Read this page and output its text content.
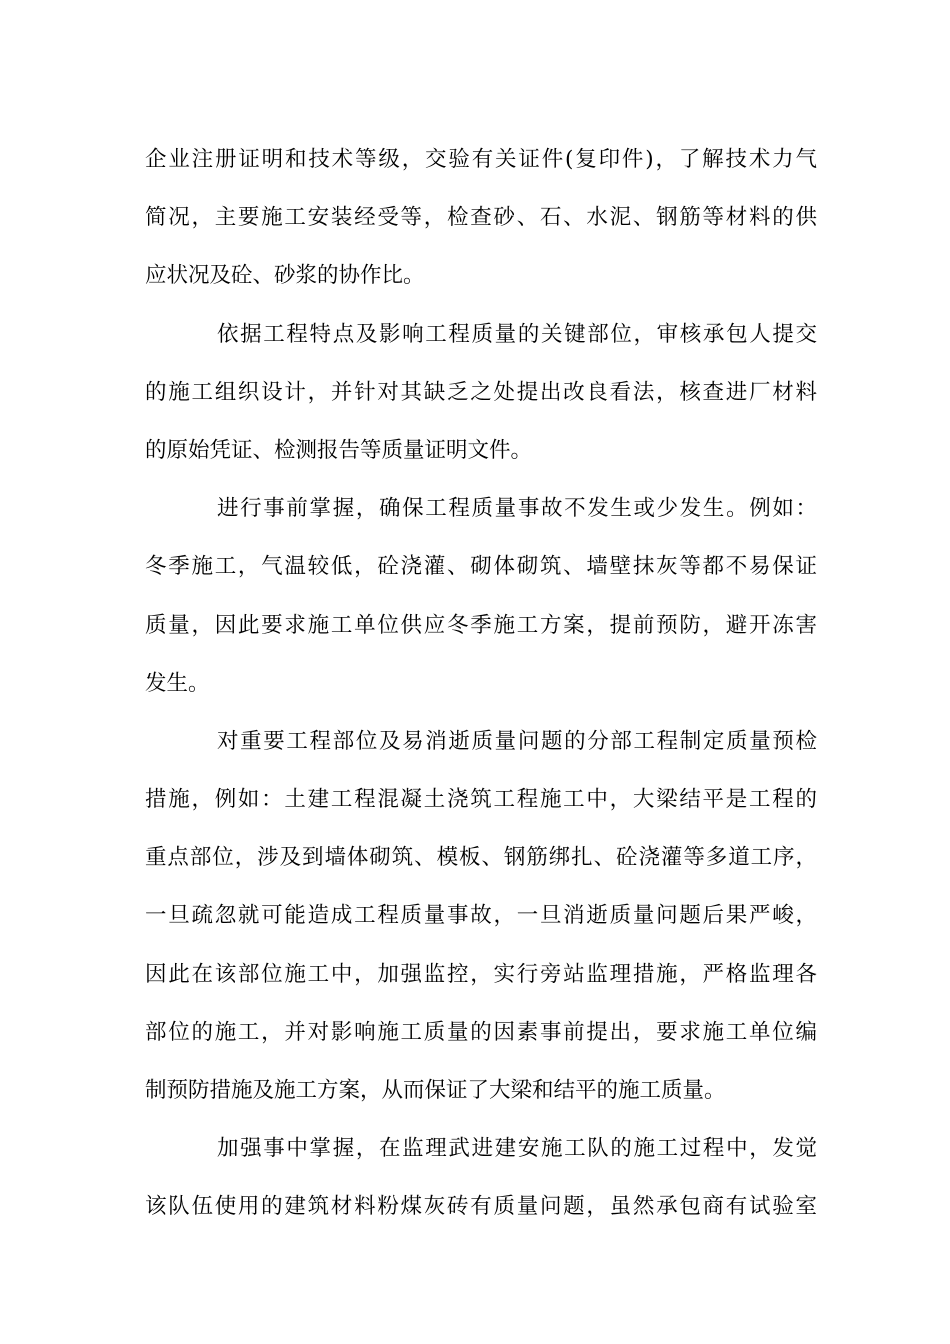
企业注册证明和技术等级，交验有关证件(复印件)，了解技术力气
简况，主要施工安装经受等，检查砂、石、水泥、钢筋等材料的供
应状况及砼、砂浆的协作比。
依据工程特点及影响工程质量的关键部位，审核承包人提交
的施工组织设计，并针对其缺乏之处提出改良看法，核查进厂材料
的原始凭证、检测报告等质量证明文件。
进行事前掌握，确保工程质量事故不发生或少发生。例如：
冬季施工，气温较低，砼浇灌、砌体砌筑、墙壁抹灰等都不易保证
质量，因此要求施工单位供应冬季施工方案，提前预防，避开冻害
发生。
对重要工程部位及易消逝质量问题的分部工程制定质量预检
措施，例如：土建工程混凝土浇筑工程施工中，大梁结平是工程的
重点部位，涉及到墙体砌筑、模板、钢筋绑扎、砼浇灌等多道工序，
一旦疏忽就可能造成工程质量事故，一旦消逝质量问题后果严峻，
因此在该部位施工中，加强监控，实行旁站监理措施，严格监理各
部位的施工，并对影响施工质量的因素事前提出，要求施工单位编
制预防措施及施工方案，从而保证了大梁和结平的施工质量。
加强事中掌握，在监理武进建安施工队的施工过程中，发觉
该队伍使用的建筑材料粉煤灰砖有质量问题，虽然承包商有试验室
